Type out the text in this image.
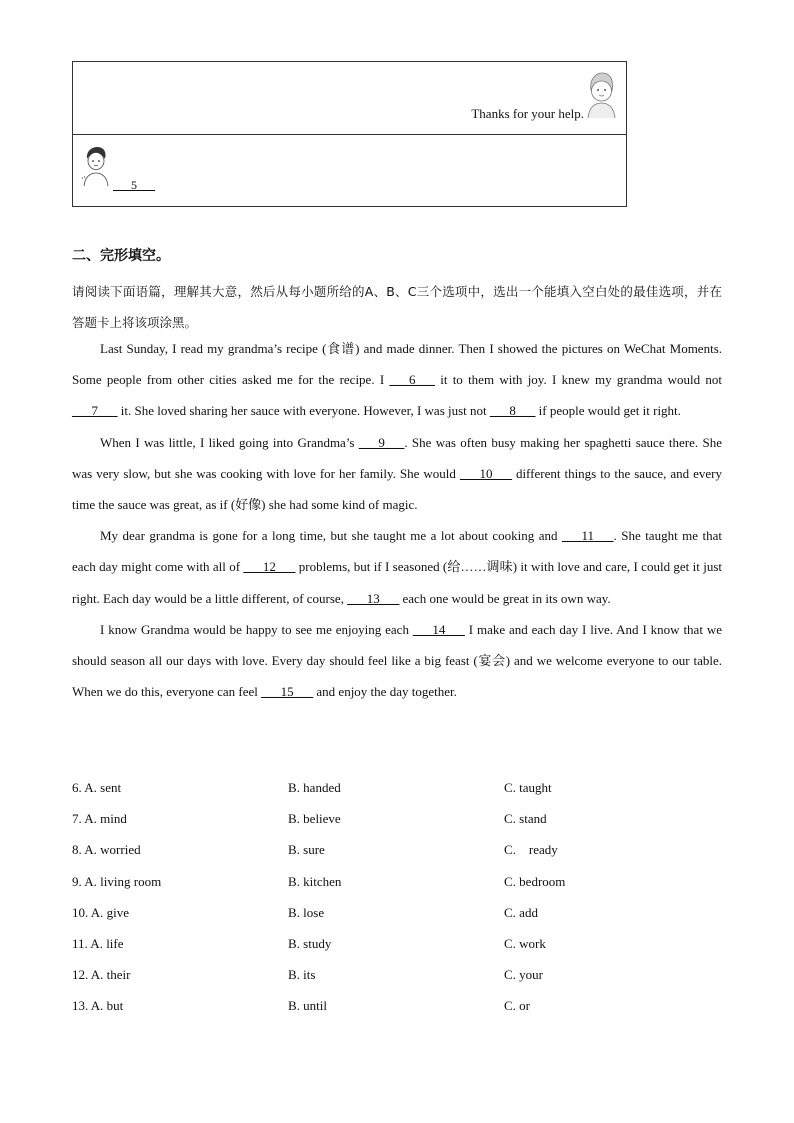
Thanks for your help.
___5___
二、完形填空。
请阅读下面语篇，理解其大意，然后从每小题所给的A、B、C三个选项中，选出一个能填入空白处的最佳选项，并在答题卡上将该项涂黑。

Last Sunday, I read my grandma’s recipe (食谱) and made dinner. Then I showed the pictures on WeChat Moments. Some people from other cities asked me for the recipe. I ___6___ it to them with joy. I knew my grandma would not ___7___ it. She loved sharing her sauce with everyone. However, I was just not ___8___ if people would get it right.

When I was little, I liked going into Grandma’s ___9___. She was often busy making her spaghetti sauce there. She was very slow, but she was cooking with love for her family. She would ___10___ different things to the sauce, and every time the sauce was great, as if (好像) she had some kind of magic.

My dear grandma is gone for a long time, but she taught me a lot about cooking and ___11___. She taught me that each day might come with all of ___12___ problems, but if I seasoned (给……调味) it with love and care, I could get it just right. Each day would be a little different, of course, ___13___ each one would be great in its own way.

I know Grandma would be happy to see me enjoying each ___14___ I make and each day I live. And I know that we should season all our days with love. Every day should feel like a big feast (宴会) and we welcome everyone to our table. When we do this, everyone can feel ___15___ and enjoy the day together.

6. A. sent	B. handed	C. taught
7. A. mind	B. believe	C. stand
8. A. worried	B. sure	C.    ready
9. A. living room	B. kitchen	C. bedroom
10. A. give	B. lose	C. add
11. A. life	B. study	C. work
12. A. their	B. its	C. your
13. A. but	B. until	C. or
